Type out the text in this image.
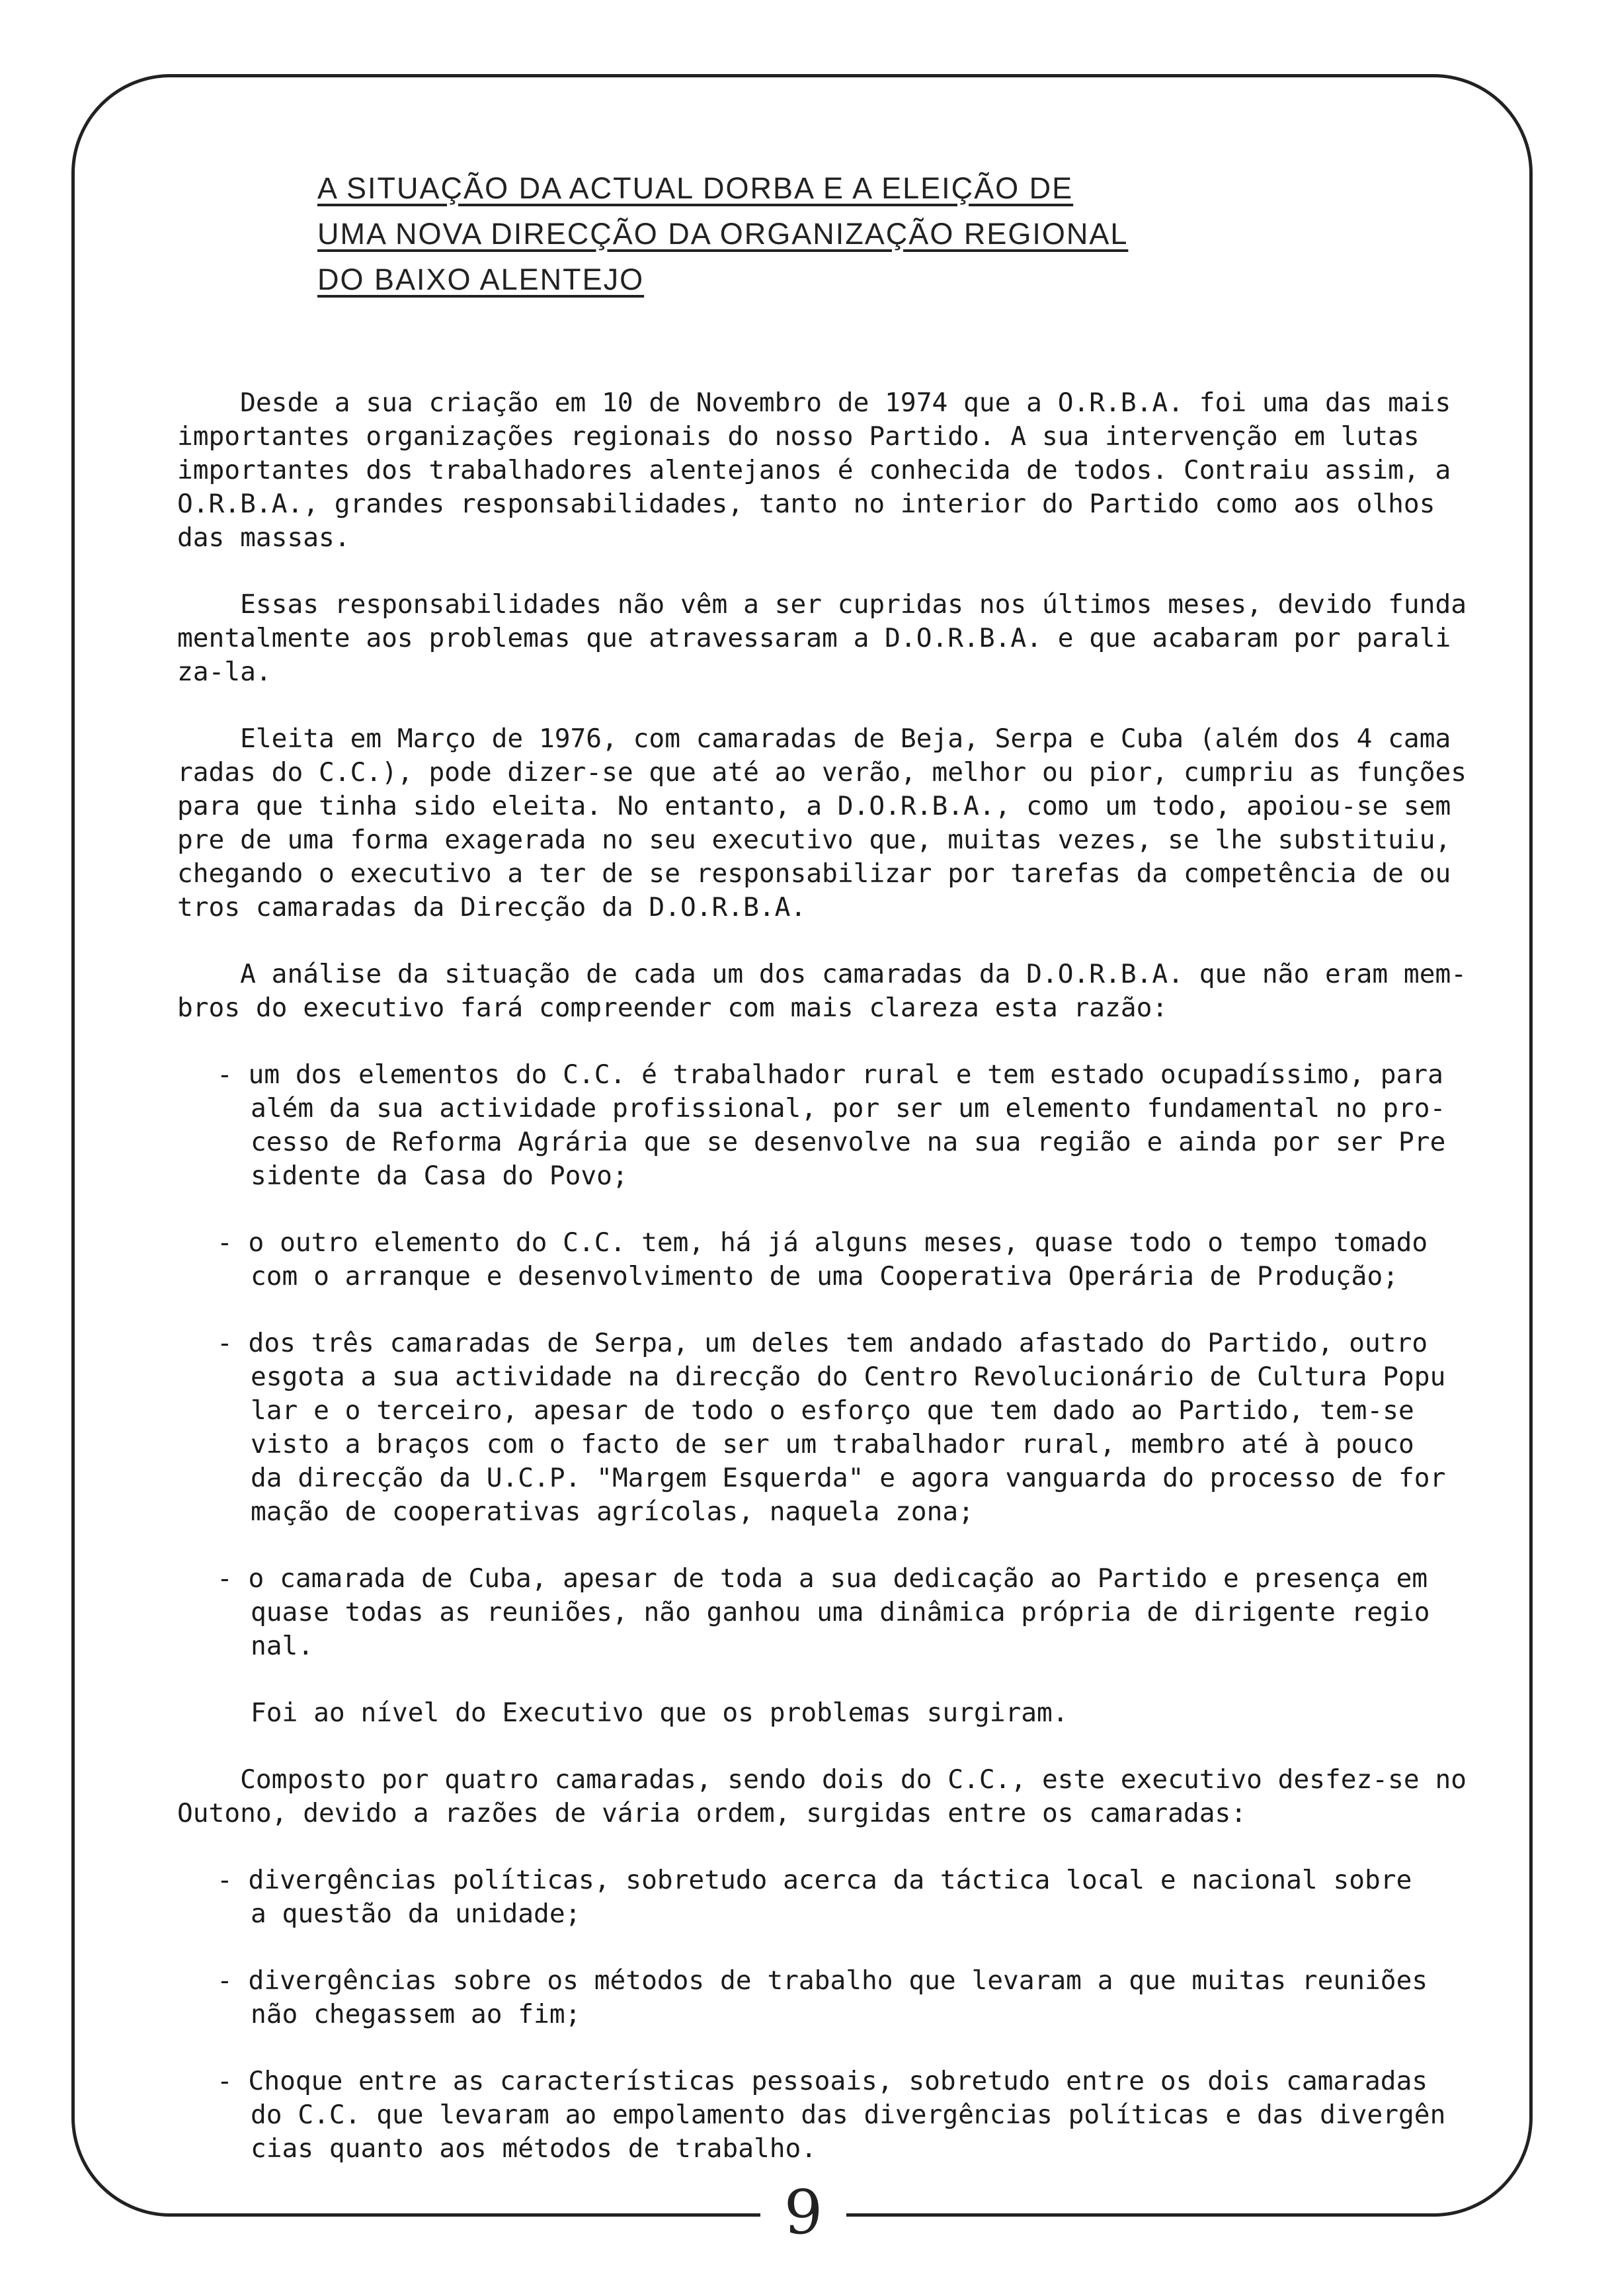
9
A SITUAÇÃO DA ACTUAL DORBA E A ELEIÇÃO DE
UMA NOVA DIRECÇÃO DA ORGANIZAÇÃO REGIONAL
DO BAIXO ALENTEJO

Desde a sua criação em 10 de Novembro de 1974 que a O.R.B.A. foi uma das mais
importantes organizações regionais do nosso Partido. A sua intervenção em lutas
importantes dos trabalhadores alentejanos é conhecida de todos. Contraiu assim, a
O.R.B.A., grandes responsabilidades, tanto no interior do Partido como aos olhos
das massas.

Essas responsabilidades não vêm a ser cupridas nos últimos meses, devido funda
mentalmente aos problemas que atravessaram a D.O.R.B.A. e que acabaram por parali
za-la.

Eleita em Março de 1976, com camaradas de Beja, Serpa e Cuba (além dos 4 cama
radas do C.C.), pode dizer-se que até ao verão, melhor ou pior, cumpriu as funções
para que tinha sido eleita. No entanto, a D.O.R.B.A., como um todo, apoiou-se sem
pre de uma forma exagerada no seu executivo que, muitas vezes, se lhe substituiu,
chegando o executivo a ter de se responsabilizar por tarefas da competência de ou
tros camaradas da Direcção da D.O.R.B.A.

A análise da situação de cada um dos camaradas da D.O.R.B.A. que não eram mem-
bros do executivo fará compreender com mais clareza esta razão:

- um dos elementos do C.C. é trabalhador rural e tem estado ocupadíssimo, para
além da sua actividade profissional, por ser um elemento fundamental no pro-
cesso de Reforma Agrária que se desenvolve na sua região e ainda por ser Pre
sidente da Casa do Povo;
- o outro elemento do C.C. tem, há já alguns meses, quase todo o tempo tomado
com o arranque e desenvolvimento de uma Cooperativa Operária de Produção;
- dos três camaradas de Serpa, um deles tem andado afastado do Partido, outro
esgota a sua actividade na direcção do Centro Revolucionário de Cultura Popu
lar e o terceiro, apesar de todo o esforço que tem dado ao Partido, tem-se
visto a braços com o facto de ser um trabalhador rural, membro até à pouco
da direcção da U.C.P. "Margem Esquerda" e agora vanguarda do processo de for
mação de cooperativas agrícolas, naquela zona;
- o camarada de Cuba, apesar de toda a sua dedicação ao Partido e presença em
quase todas as reuniões, não ganhou uma dinâmica própria de dirigente regio
nal.
Foi ao nível do Executivo que os problemas surgiram.

Composto por quatro camaradas, sendo dois do C.C., este executivo desfez-se no
Outono, devido a razões de vária ordem, surgidas entre os camaradas:

- divergências políticas, sobretudo acerca da táctica local e nacional sobre
a questão da unidade;
- divergências sobre os métodos de trabalho que levaram a que muitas reuniões
não chegassem ao fim;
- Choque entre as características pessoais, sobretudo entre os dois camaradas
do C.C. que levaram ao empolamento das divergências políticas e das divergên
cias quanto aos métodos de trabalho.
